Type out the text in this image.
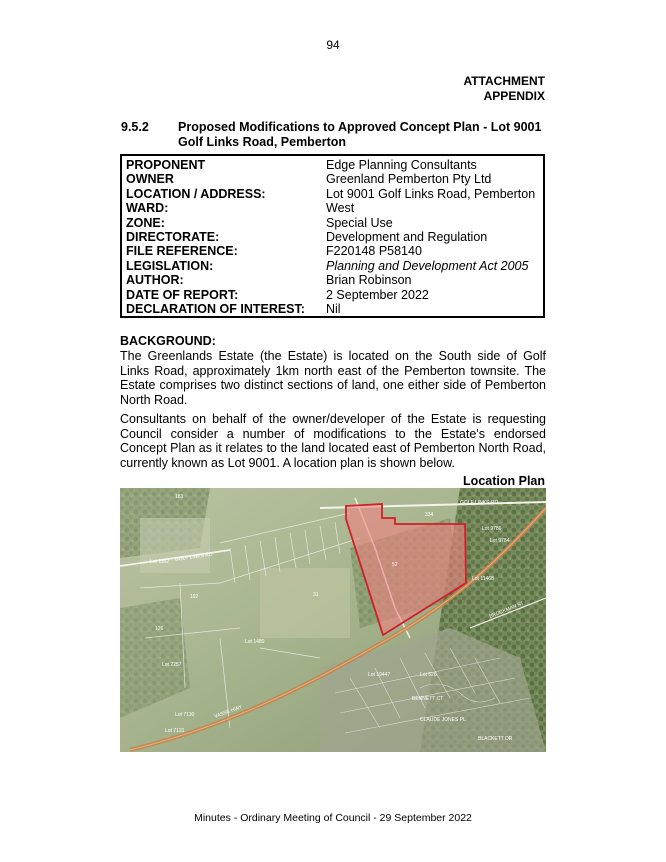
94
ATTACHMENT
APPENDIX
9.5.2 Proposed Modifications to Approved Concept Plan - Lot 9001 Golf Links Road, Pemberton
PROPONENT	Edge Planning Consultants
OWNER	Greenland Pemberton Pty Ltd
LOCATION / ADDRESS:	Lot 9001 Golf Links Road, Pemberton
WARD:	West
ZONE:	Special Use
DIRECTORATE:	Development and Regulation
FILE REFERENCE:	F220148 P58140
LEGISLATION:	Planning and Development Act 2005
AUTHOR:	Brian Robinson
DATE OF REPORT:	2 September 2022
DECLARATION OF INTEREST:	Nil
BACKGROUND:
The Greenlands Estate (the Estate) is located on the South side of Golf Links Road, approximately 1km north east of the Pemberton townsite. The Estate comprises two distinct sections of land, one either side of Pemberton North Road.
Consultants on behalf of the owner/developer of the Estate is requesting Council consider a number of modifications to the Estate's endorsed Concept Plan as it relates to the land located east of Pemberton North Road, currently known as Lot 9001. A location plan is shown below.
Location Plan
GOLF LINKS RD
GOLF LINKS RD
BROCKMAN ST
VASSE HWY
Lot 9786
Lot 9784
Lot 11468
Lot 1102
Lot 1480
Lot 2257
Lot 19447
Lot 7130
Lot 7131
Lot 526
183
192	31
126
334
52
BENNETT CT
CLAUDE JONES PL
BLACKETT DR
Minutes - Ordinary Meeting of Council - 29 September 2022
